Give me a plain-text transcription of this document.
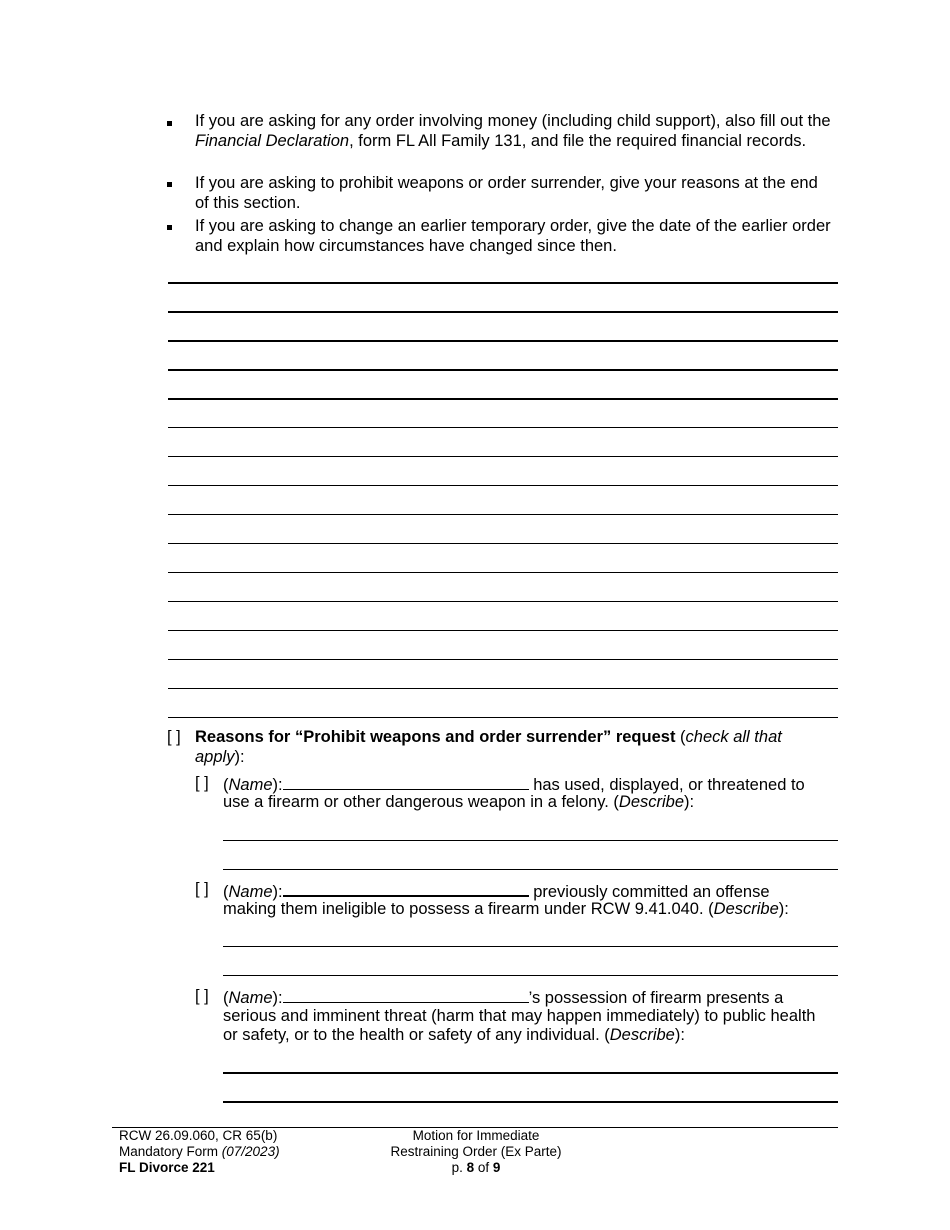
If you are asking for any order involving money (including child support), also fill out the Financial Declaration, form FL All Family 131, and file the required financial records.
If you are asking to prohibit weapons or order surrender, give your reasons at the end of this section.
If you are asking to change an earlier temporary order, give the date of the earlier order and explain how circumstances have changed since then.
[ ] Reasons for “Prohibit weapons and order surrender” request (check all that apply):
[ ] (Name):	has used, displayed, or threatened to
use a firearm or other dangerous weapon in a felony. (Describe):
[ ] (Name):	previously committed an offense
making them ineligible to possess a firearm under RCW 9.41.040. (Describe):
[ ] (Name):	’s possession of firearm presents a
serious and imminent threat (harm that may happen immediately) to public health
or safety, or to the health or safety of any individual. (Describe):
RCW 26.09.060, CR 65(b)
Mandatory Form (07/2023)
FL Divorce 221
Motion for Immediate
Restraining Order (Ex Parte)
p. 8 of 9
